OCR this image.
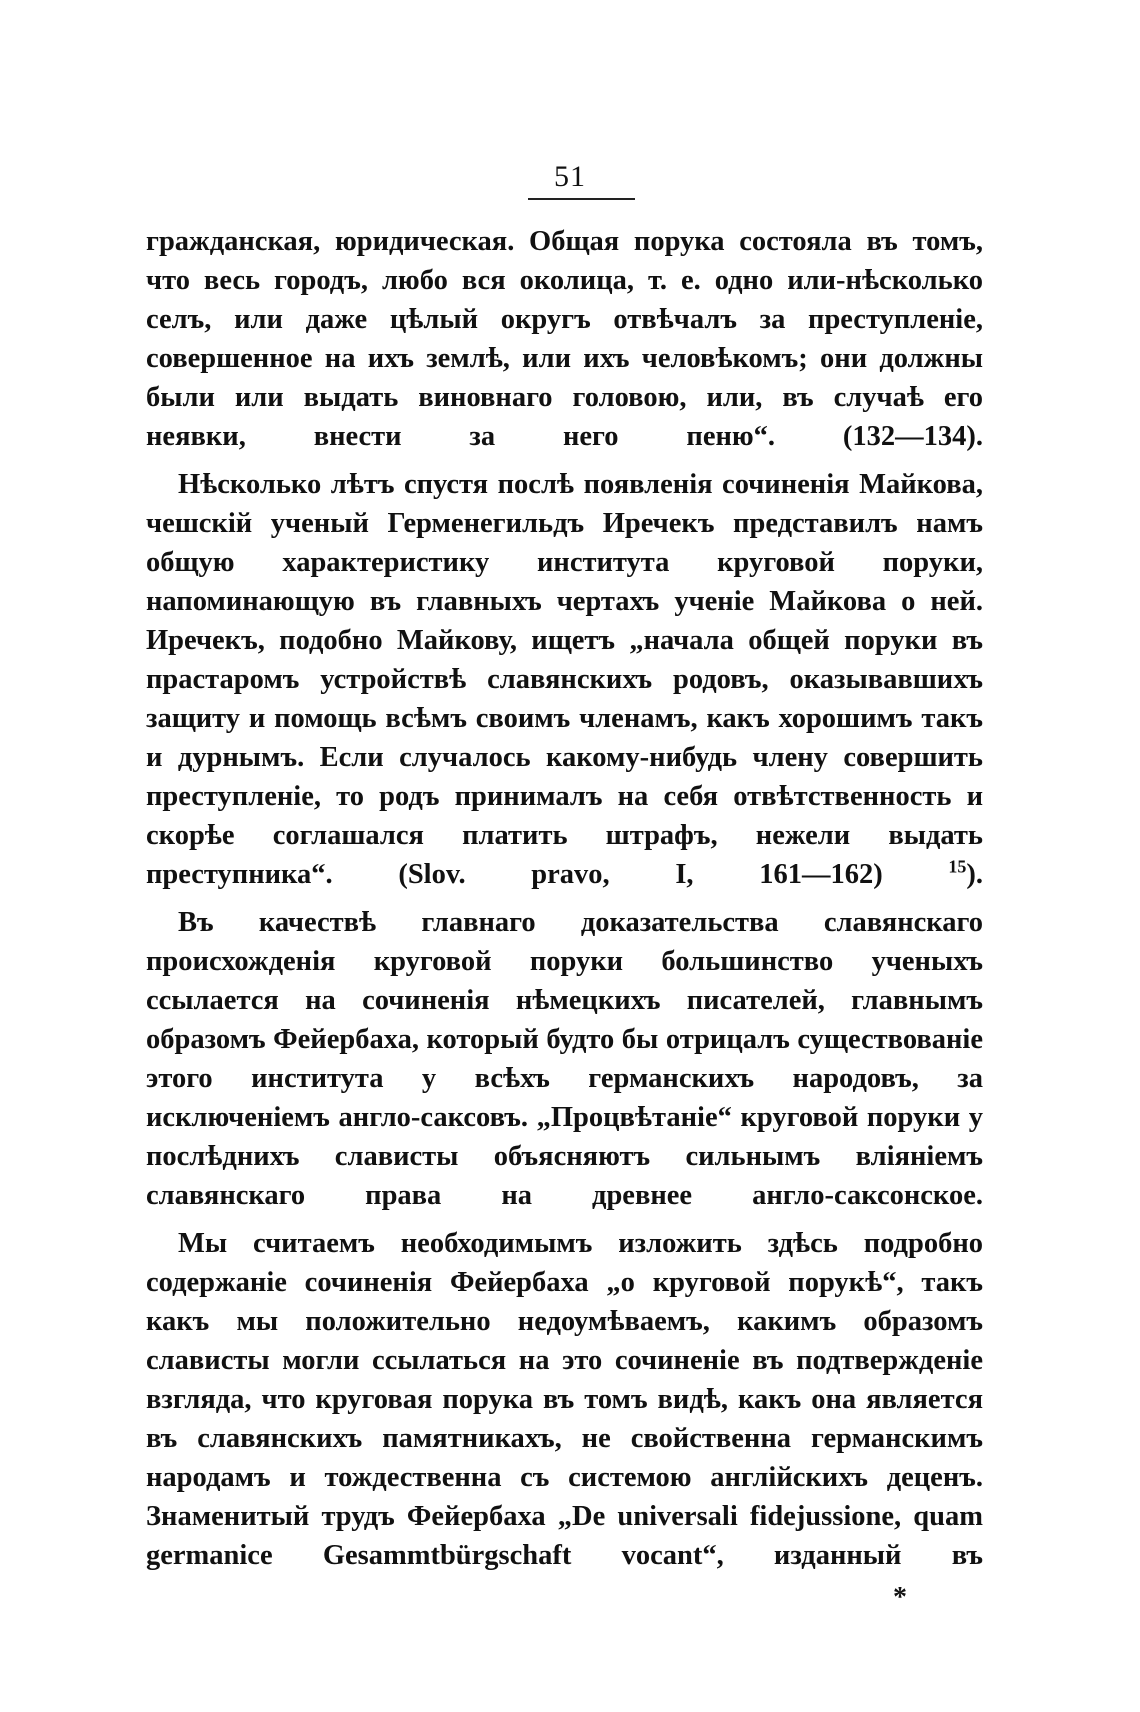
51

гражданская, юридическая. Общая порука состояла въ томъ, что весь городъ, любо вся околица, т. е. одно или-нѣсколько селъ, или даже цѣлый округъ отвѣчалъ за преступленіе, совершенное на ихъ землѣ, или ихъ человѣкомъ; они должны были или выдать виновнаго головою, или, въ случаѣ его неявки, внести за него пеню“. (132—134).

Нѣсколько лѣтъ спустя послѣ появленія сочиненія Майкова, чешскій ученый Герменегильдъ Иречекъ представилъ намъ общую характеристику института круговой поруки, напоминающую въ главныхъ чертахъ ученіе Майкова о ней. Иречекъ, подобно Майкову, ищетъ „начала общей поруки въ прастаромъ устройствѣ славянскихъ родовъ, оказывавшихъ защиту и помощь всѣмъ своимъ членамъ, какъ хорошимъ такъ и дурнымъ. Если случалось какому-нибудь члену совершить преступленіе, то родъ принималъ на себя отвѣтственность и скорѣе соглашался платить штрафъ, нежели выдать преступника“. (Slov. pravo, I, 161—162)	$^{15}$).

Въ качествѣ главнаго доказательства славянскаго происхожденія круговой поруки большинство ученыхъ ссылается на сочиненія нѣмецкихъ писателей, главнымъ образомъ Фейербаха, который будто бы отрицалъ существованіе этого института у всѣхъ германскихъ народовъ, за исключеніемъ англо-саксовъ. „Процвѣтаніе“ круговой поруки у послѣднихъ слависты объясняютъ сильнымъ вліяніемъ славянскаго права на древнее англо-саксонское.

Мы считаемъ необходимымъ изложить здѣсь подробно содержаніе сочиненія Фейербаха „о круговой порукѣ“, такъ какъ мы положительно недоумѣваемъ, какимъ образомъ слависты могли ссылаться на это сочиненіе въ подтвержденіе взгляда, что круговая порука въ томъ видѣ, какъ она является въ славянскихъ памятникахъ, не свойственна германскимъ народамъ и тождественна съ системою англійскихъ деценъ. Знаменитый трудъ Фейербаха „De universali fidejussione, quam germanice Gesammtbürgschaft vocant“, изданный въ

*
